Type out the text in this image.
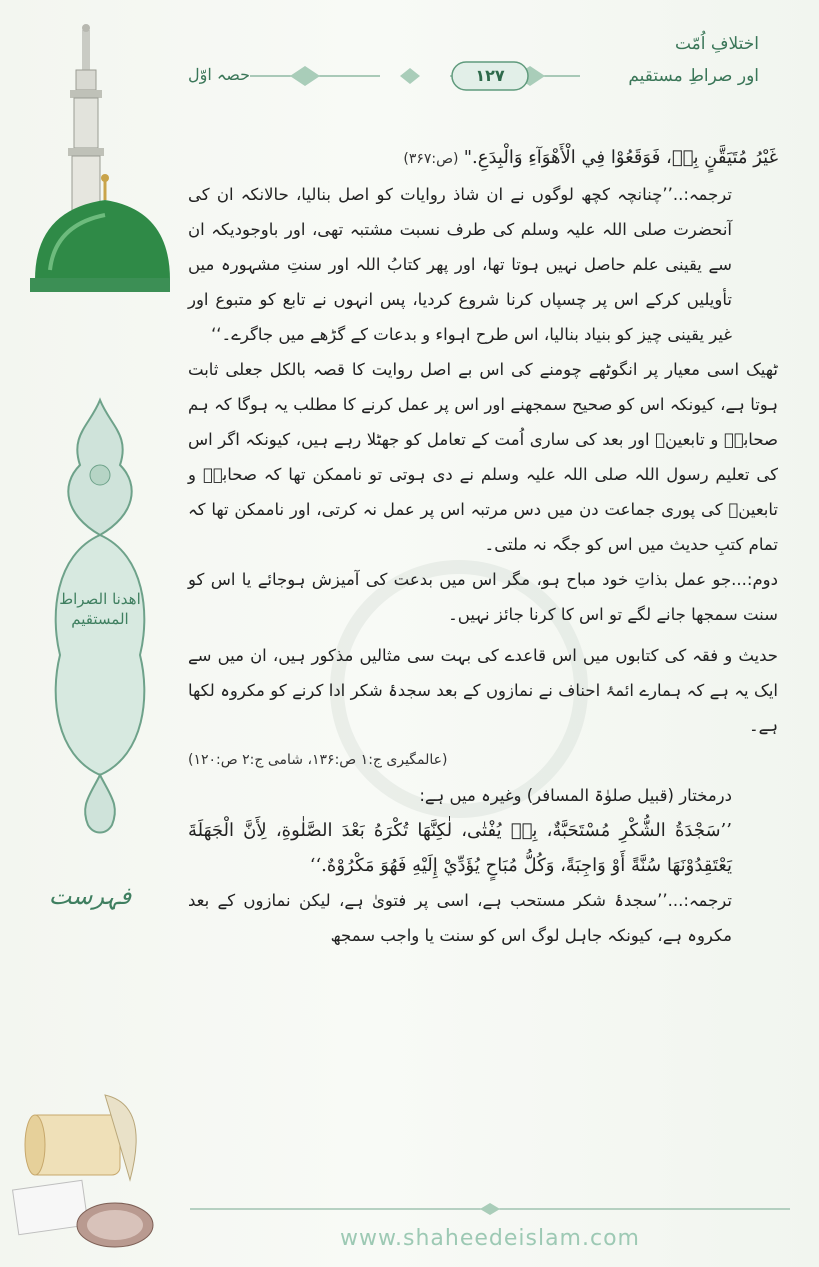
اھدنا الصراط المستقیم
فہرست
اختلافِ اُمّت
اور صراطِ مستقیم
حصہ اوّل	۱۲۷

غَيْرُ مُتَيَقَّنٍ بِهٖ، فَوَقَعُوْا فِي الْأَهْوَآءِ وَالْبِدَعِ." (ص:۳۶۷)

ترجمہ:..’’چنانچہ کچھ لوگوں نے ان شاذ روایات کو اصل بنالیا، حالانکہ ان کی آنحضرت صلی اللہ علیہ وسلم کی طرف نسبت مشتبہ تھی، اور باوجودیکہ ان سے یقینی علم حاصل نہیں ہوتا تھا، اور پھر کتابُ اللہ اور سنتِ مشہورہ میں تأویلیں کرکے اس پر چسپاں کرنا شروع کردیا، پس انہوں نے تابع کو متبوع اور غیر یقینی چیز کو بنیاد بنالیا، اس طرح اہواء و بدعات کے گڑھے میں جاگرے۔‘‘

ٹھیک اسی معیار پر انگوٹھے چومنے کی اس بے اصل روایت کا قصہ بالکل جعلی ثابت ہوتا ہے، کیونکہ اس کو صحیح سمجھنے اور اس پر عمل کرنے کا مطلب یہ ہوگا کہ ہم صحابہؓ و تابعینؒ اور بعد کی ساری اُمت کے تعامل کو جھٹلا رہے ہیں، کیونکہ اگر اس کی تعلیم رسول اللہ صلی اللہ علیہ وسلم نے دی ہوتی تو ناممکن تھا کہ صحابہؓ و تابعینؒ کی پوری جماعت دن میں دس مرتبہ اس پر عمل نہ کرتی، اور ناممکن تھا کہ تمام کتبِ حدیث میں اس کو جگہ نہ ملتی۔

دوم:...جو عمل بذاتِ خود مباح ہو، مگر اس میں بدعت کی آمیزش ہوجائے یا اس کو سنت سمجھا جانے لگے تو اس کا کرنا جائز نہیں۔

حدیث و فقہ کی کتابوں میں اس قاعدے کی بہت سی مثالیں مذکور ہیں، ان میں سے ایک یہ ہے کہ ہمارے ائمۂ احناف نے نمازوں کے بعد سجدۂ شکر ادا کرنے کو مکروہ لکھا ہے۔

(عالمگیری ج:۱ ص:۱۳۶، شامی ج:۲ ص:۱۲۰)

درمختار (قبیل صلوٰۃ المسافر) وغیرہ میں ہے:

’’سَجْدَةُ الشُّكْرِ مُسْتَحَبَّةٌ، بِهٖ يُفْتٰى، لٰكِنَّهَا تُكْرَهُ بَعْدَ الصَّلٰوةِ، لِأَنَّ الْجَهَلَةَ يَعْتَقِدُوْنَهَا سُنَّةً أَوْ وَاجِبَةً، وَكُلُّ مُبَاحٍ يُؤَدِّيْ إِلَيْهِ فَهُوَ مَكْرُوْهٌ.‘‘

ترجمہ:...’’سجدۂ شکر مستحب ہے، اسی پر فتویٰ ہے، لیکن نمازوں کے بعد مکروہ ہے، کیونکہ جاہل لوگ اس کو سنت یا واجب سمجھ

www.shaheedeislam.com
